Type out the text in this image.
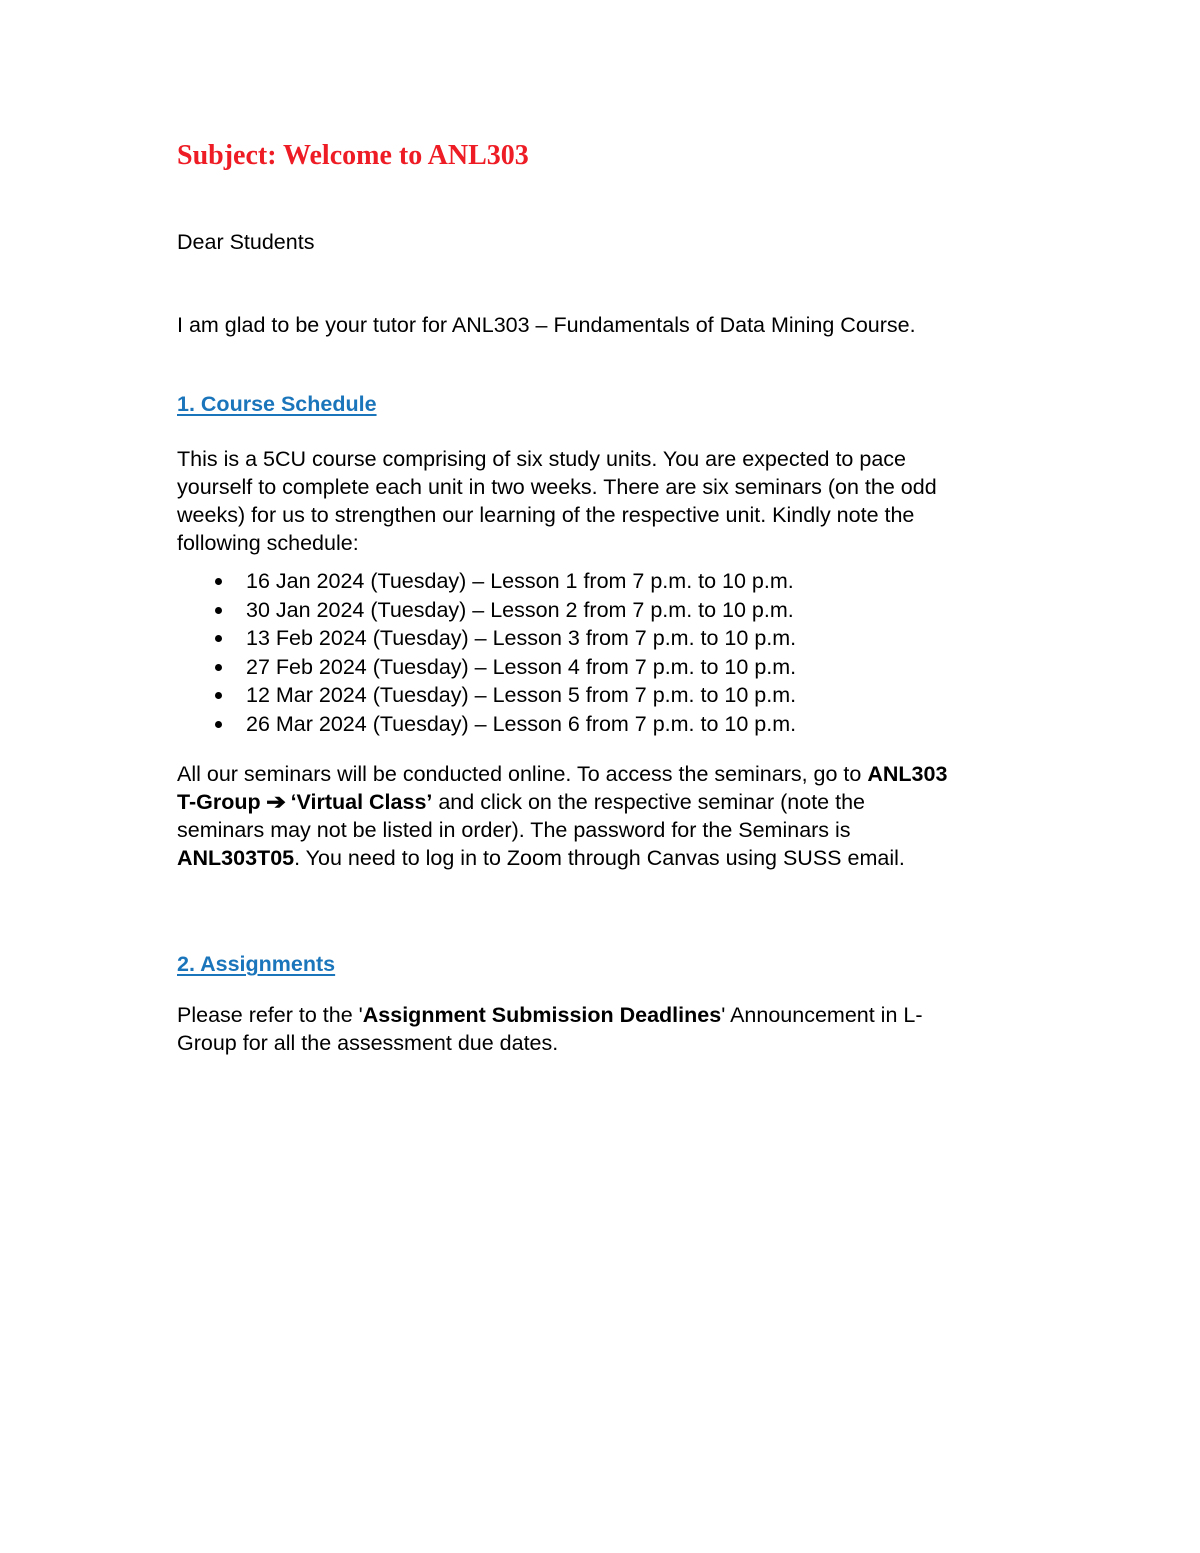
Subject: Welcome to ANL303
Dear Students
I am glad to be your tutor for ANL303 – Fundamentals of Data Mining Course.
1. Course Schedule
This is a 5CU course comprising of six study units. You are expected to pace
yourself to complete each unit in two weeks. There are six seminars (on the odd
weeks) for us to strengthen our learning of the respective unit. Kindly note the
following schedule:
16 Jan 2024 (Tuesday) – Lesson 1 from 7 p.m. to 10 p.m.
30 Jan 2024 (Tuesday) – Lesson 2 from 7 p.m. to 10 p.m.
13 Feb 2024 (Tuesday) – Lesson 3 from 7 p.m. to 10 p.m.
27 Feb 2024 (Tuesday) – Lesson 4 from 7 p.m. to 10 p.m.
12 Mar 2024 (Tuesday) – Lesson 5 from 7 p.m. to 10 p.m.
26 Mar 2024 (Tuesday) – Lesson 6 from 7 p.m. to 10 p.m.
All our seminars will be conducted online. To access the seminars, go to ANL303
T-Group ➔ ‘Virtual Class’ and click on the respective seminar (note the
seminars may not be listed in order). The password for the Seminars is
ANL303T05. You need to log in to Zoom through Canvas using SUSS email.
2. Assignments
Please refer to the 'Assignment Submission Deadlines' Announcement in L-
Group for all the assessment due dates.
